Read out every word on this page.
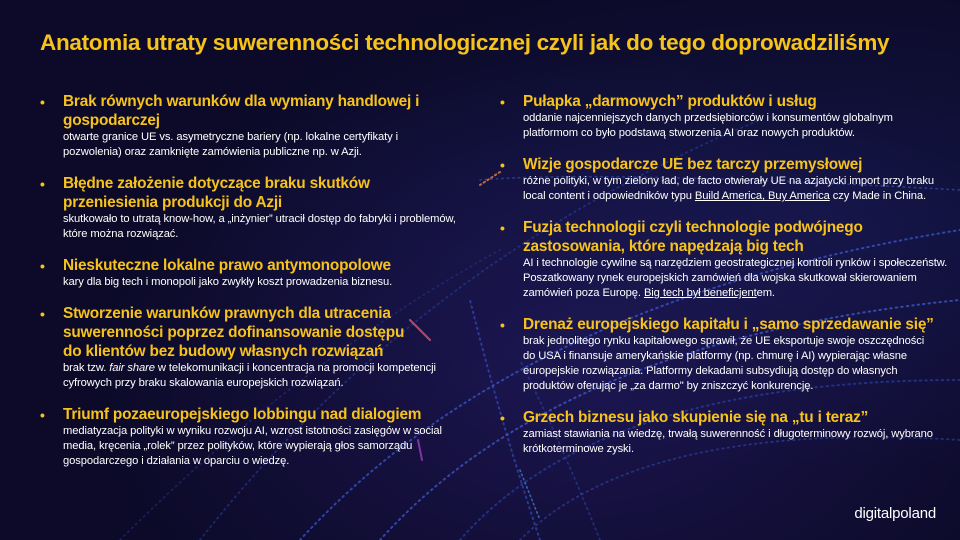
Anatomia utraty suwerenności technologicznej czyli jak do tego doprowadziliśmy
• Brak równych warunków dla wymiany handlowej i gospodarczej
otwarte granice UE vs. asymetryczne bariery (np. lokalne certyfikaty i pozwolenia) oraz zamknięte zamówienia publiczne np. w Azji.
• Błędne założenie dotyczące braku skutków przeniesienia produkcji do Azji
skutkowało to utratą know-how, a „inżynier” utracił dostęp do fabryki i problemów, które można rozwiązać.
• Nieskuteczne lokalne prawo antymonopolowe
kary dla big tech i monopoli jako zwykły koszt prowadzenia biznesu.
• Stworzenie warunków prawnych dla utracenia suwerenności poprzez dofinansowanie dostępu do klientów bez budowy własnych rozwiązań
brak tzw. fair share w telekomunikacji i koncentracja na promocji kompetencji cyfrowych przy braku skalowania europejskich rozwiązań.
• Triumf pozaeuropejskiego lobbingu nad dialogiem
mediatyzacja polityki w wyniku rozwoju AI, wzrost istotności zasięgów w social media, kręcenia „rolek” przez polityków, które wypierają głos samorządu gospodarczego i działania w oparciu o wiedzę.
• Pułapka „darmowych” produktów i usług
oddanie najcenniejszych danych przedsiębiorców i konsumentów globalnym platformom co było podstawą stworzenia AI oraz nowych produktów.
• Wizje gospodarcze UE bez tarczy przemysłowej
różne polityki, w tym zielony ład, de facto otwierały UE na azjatycki import przy braku local content i odpowiedników typu Build America, Buy America czy Made in China.
• Fuzja technologii czyli technologie podwójnego zastosowania, które napędzają big tech
AI i technologie cywilne są narzędziem geostrategicznej kontroli rynków i społeczeństw. Poszatkowany rynek europejskich zamówień dla wojska skutkował skierowaniem zamówień poza Europę. Big tech był beneficjentem.
• Drenaż europejskiego kapitału i „samo sprzedawanie się”
brak jednolitego rynku kapitałowego sprawił, że UE eksportuje swoje oszczędności do USA i finansuje amerykańskie platformy (np. chmurę i AI) wypierając własne europejskie rozwiązania. Platformy dekadami subsydiują dostęp do własnych produktów oferując je „za darmo" by zniszczyć konkurencję.
• Grzech biznesu jako skupienie się na „tu i teraz”
zamiast stawiania na wiedzę, trwałą suwerenność i długoterminowy rozwój, wybrano krótkoterminowe zyski.
digitalpoland
